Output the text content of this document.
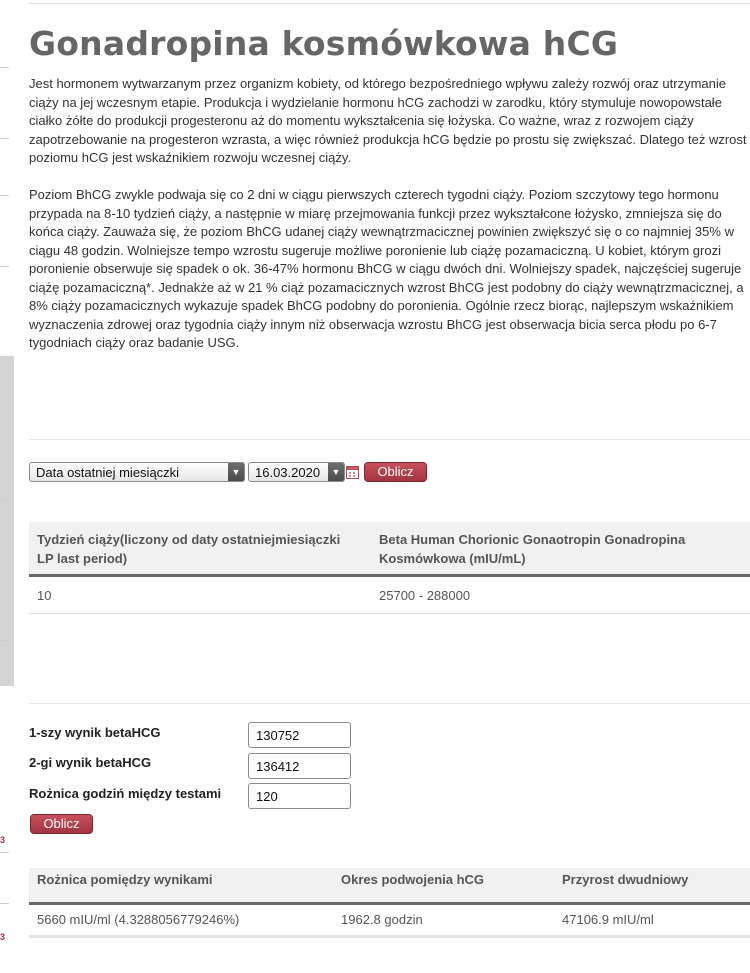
3
3
Gonadropina kosmówkowa hCG

Jest hormonem wytwarzanym przez organizm kobiety, od którego bezpośredniego wpływu zależy rozwój oraz utrzymanie ciąży na jej wczesnym etapie. Produkcja i wydzielanie hormonu hCG zachodzi w zarodku, który stymuluje nowopowstałe ciałko żółte do produkcji progesteronu aż do momentu wykształcenia się łożyska. Co ważne, wraz z rozwojem ciąży zapotrzebowanie na progesteron wzrasta, a więc również produkcja hCG będzie po prostu się zwiększać. Dlatego też wzrost poziomu hCG jest wskaźnikiem rozwoju wczesnej ciąży.

Poziom BhCG zwykle podwaja się co 2 dni w ciągu pierwszych czterech tygodni ciąży. Poziom szczytowy tego hormonu przypada na 8-10 tydzień ciąży, a następnie w miarę przejmowania funkcji przez wykształcone łożysko, zmniejsza się do końca ciąży. Zauważa się, że poziom BhCG udanej ciąży wewnątrzmacicznej powinien zwiększyć się o co najmniej 35% w ciągu 48 godzin. Wolniejsze tempo wzrostu sugeruje możliwe poronienie lub ciążę pozamaciczną. U kobiet, którym grozi poronienie obserwuje się spadek o ok. 36-47% hormonu BhCG w ciągu dwóch dni. Wolniejszy spadek, najczęściej sugeruje ciążę pozamaciczną*. Jednakże aż w 21 % ciąż pozamacicznych wzrost BhCG jest podobny do ciąży wewnątrzmacicznej, a 8% ciąży pozamacicznych wykazuje spadek BhCG podobny do poronienia. Ogólnie rzecz biorąc, najlepszym wskaźnikiem wyznaczenia zdrowej oraz tygodnia ciąży innym niż obserwacja wzrostu BhCG jest obserwacja bicia serca płodu po 6-7 tygodniach ciąży oraz badanie USG.

Data ostatniej miesiączki	▼	16.03.2020	▼	Oblicz
Tydzień ciąży(liczony od daty ostatniejmiesiączki LP last period)	Beta Human Chorionic Gonaotropin Gonadropina Kosmówkowa (mIU/mL)
10	25700 - 288000
1-szy wynik betaHCG
130752
2-gi wynik betaHCG
136412
Rożnica godziń między testami
120
Oblicz
Rożnica pomiędzy wynikami	Okres podwojenia hCG	Przyrost dwudniowy
5660 mIU/ml (4.3288056779246%)	1962.8 godzin	47106.9 mIU/ml
